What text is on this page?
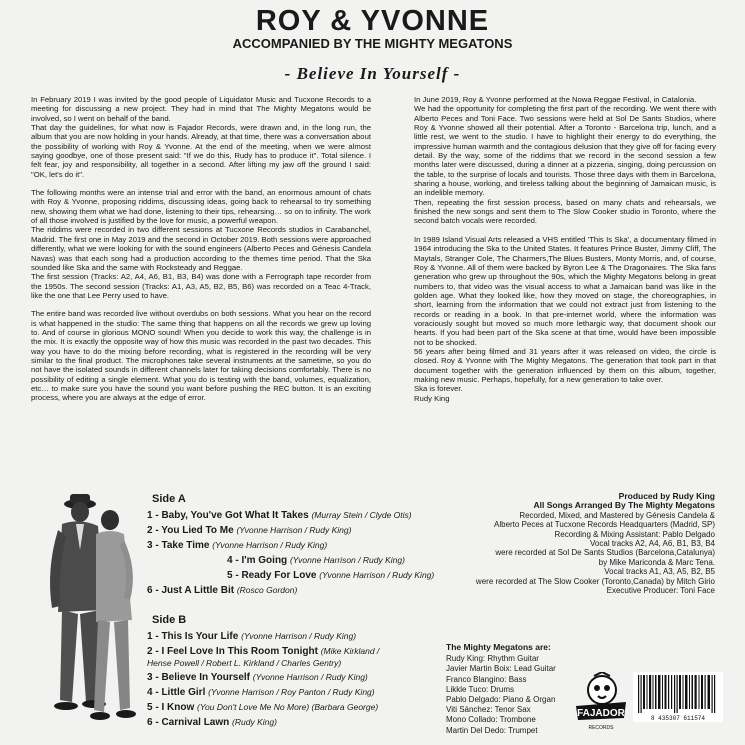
ROY & YVONNE
ACCOMPANIED BY THE MIGHTY MEGATONS
- Believe In Yourself -

In February 2019 I was invited by the good people of Liquidator Music and Tucxone Records to a meeting for discussing a new project. They had in mind that The Mighty Megatons would be involved, so I went on behalf of the band.
That day the guidelines, for what now is Fajador Records, were drawn and, in the long run, the album that you are now holding in your hands. Already, at that time, there was a conversation about the possibility of working with Roy & Yvonne. At the end of the meeting, when we were almost saying goodbye, one of those present said: "If we do this, Rudy has to produce it". Total silence. I felt fear, joy and responsibility, all together in a second. After lifting my jaw off the ground I said: "OK, let's do it".

The following months were an intense trial and error with the band, an enormous amount of chats with Roy & Yvonne, proposing riddims, discussing ideas, going back to rehearsal to try something new, showing them what we had done, listening to their tips, rehearsing… so on to infinity. The work of all those involved is justified by the love for music, a powerful weapon.
The riddims were recorded in two different sessions at Tucxone Records studios in Carabanchel, Madrid. The first one in May 2019 and the second in October 2019. Both sessions were approached differently, what we were looking for with the sound engineers (Alberto Peces and Génesis Candela Navas) was that each song had a production according to the themes time period. That the Ska sounded like Ska and the same with Rocksteady and Reggae.
The first session (Tracks: A2, A4, A6, B1, B3, B4) was done with a Ferrograph tape recorder from the 1950s. The second session (Tracks: A1, A3, A5, B2, B5, B6) was recorded on a Teac 4-Track, like the one that Lee Perry used to have.

The entire band was recorded live without overdubs on both sessions. What you hear on the record is what happened in the studio: The same thing that happens on all the records we grew up loving to. And of course in glorious MONO sound! When you decide to work this way, the challenge is in the mix. It is exactly the opposite way of how this music was recorded in the past two decades. This way you have to do the mixing before recording, what is registered in the recording will be very similar to the final product. The microphones take several instruments at the sametime, so you do not have the isolated sounds in different channels later for taking decisions comfortably. There is no possibility of editing a single element. What you do is testing with the band, volumes, equalization, etc… to make sure you have the sound you want before pushing the REC button. It is an exciting process, where you are always at the edge of error.

In June 2019, Roy & Yvonne performed at the Nowa Reggae Festival, in Catalonia.
We had the opportunity for completing the first part of the recording. We went there with Alberto Peces and Toni Face. Two sessions were held at Sol De Sants Studios, where Roy & Yvonne showed all their potential. After a Toronto - Barcelona trip, lunch, and a little rest, we went to the studio. I have to highlight their energy to do everything, the impressive human warmth and the contagious delusion that they give off for facing every detail. By the way, some of the riddims that we record in the second session a few months later were discussed, during a dinner at a pizzeria, singing, doing percussion on the table, to the surprise of locals and tourists. Those three days with them in Barcelona, sharing a house, working, and tireless talking about the beginning of Jamaican music, is an indelible memory.
Then, repeating the first session process, based on many chats and rehearsals, we finished the new songs and sent them to The Slow Cooker studio in Toronto, where the second batch vocals were recorded.

In 1989 Island Visual Arts released a VHS entitled 'This Is Ska', a documentary filmed in 1964 introducing the Ska to the United States. It features Prince Buster, Jimmy Cliff, The Maytals, Stranger Cole, The Charmers,The Blues Busters, Monty Morris, and, of course, Roy & Yvonne. All of them were backed by Byron Lee & The Dragonaires. The Ska fans generation who grew up throughout the 90s, which the Mighty Megatons belong in great numbers to, that video was the visual access to what a Jamaican band was like in the golden age. What they looked like, how they moved on stage, the choreographies, in short, learning from the information that we could not extract just from listening to the records or reading in a book. In that pre-internet world, where the information was voraciously sought but moved so much more lethargic way, that document shook our hearts. If you had been part of the Ska scene at that time, would have been impossible not to be shocked.
56 years after being filmed and 31 years after it was released on video, the circle is closed. Roy & Yvonne with The Mighty Megatons. The generation that took part in that document together with the generation influenced by them on this album, together, making new music. Perhaps, hopefully, for a new generation to take over.
Ska is forever.
Rudy King

Side A
1 - Baby, You've Got What It Takes (Murray Stein / Clyde Otis)
2 - You Lied To Me (Yvonne Harrison / Rudy King)
3 - Take Time (Yvonne Harrison / Rudy King)
4 - I'm Going (Yvonne Harrison / Rudy King)
5 - Ready For Love (Yvonne Harrison / Rudy King)
6 - Just A Little Bit (Rosco Gordon)
Side B
1 - This Is Your Life (Yvonne Harrison / Rudy King)
2 - I Feel Love In This Room Tonight (Mike Kirkland /
Hense Powell / Robert L. Kirkland / Charles Gentry)
3 - Believe In Yourself (Yvonne Harrison / Rudy King)
4 - Little Girl (Yvonne Harrison / Roy Panton / Rudy King)
5 - I Know (You Don't Love Me No More) (Barbara George)
6 - Carnival Lawn (Rudy King)
Produced by Rudy King
All Songs Arranged By The Mighty Megatons
Recorded, Mixed, and Mastered by Génesis Candela &
Alberto Peces at Tucxone Records Headquarters (Madrid, SP)
Recording & Mixing Assistant: Pablo Delgado
Vocal tracks A2, A4, A6, B1, B3, B4
were recorded at Sol De Sants Studios (Barcelona,Catalunya)
by Mike Mariconda & Marc Tena.
Vocal tracks A1, A3, A5, B2, B5
were recorded at The Slow Cooker (Toronto,Canada) by Mitch Girio
Executive Producer: Toni Face
The Mighty Megatons are:
Rudy King: Rhythm Guitar
Javier Martin Boix: Lead Guitar
Franco Blangino: Bass
Likkle Tuco: Drums
Pablo Delgado: Piano & Organ
Viti Sánchez: Tenor Sax
Mono Collado: Trombone
Martin Del Dedo: Trumpet
FAJADOR
RECORDS
8 435307 611574
